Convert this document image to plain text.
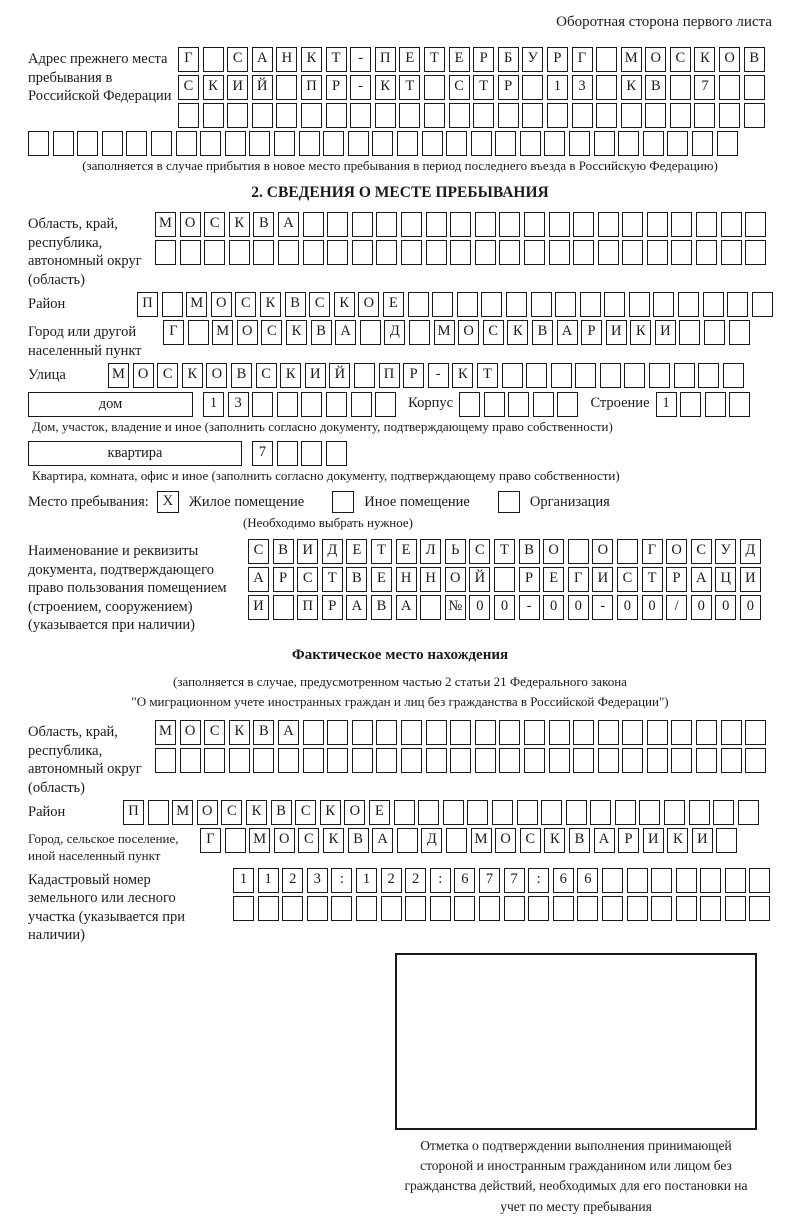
Оборотная сторона первого листа
Адрес прежнего места пребывания в Российской Федерации
Г	С	А Н	К	Т	-	П	Е	Т	Е	Р	Б	У	Р	Г	М О	С	К	О	В
С	К	И Й	П	Р	-	К	Т	С	Т	Р	1	3	К	В	7
(заполняется в случае прибытия в новое место пребывания в период последнего въезда в Российскую Федерацию)
2. СВЕДЕНИЯ О МЕСТЕ ПРЕБЫВАНИЯ
Область, край, республика, автономный округ (область)
М О	С	К	В	А
Район	П	М О	С	К	В	С	К	О	Е
Город или другой населенный пункт
Г	М О	С	К	В	А	Д	М О	С	К	В	А	Р	И	К	И
Улица	М О	С	К	О	В	С	К	И Й	П	Р	-	К	Т
дом	1	3	Корпус	Строение 1
Дом, участок, владение и иное (заполнить согласно документу, подтверждающему право собственности)
квартира	7
Квартира, комната, офис и иное (заполнить согласно документу, подтверждающему право собственности)
Место пребывания: X	Жилое помещение	Иное помещение	Организация
(Необходимо выбрать нужное)
Наименование и реквизиты документа, подтверждающего право пользования помещением (строением, сооружением) (указывается при наличии)
С	В	И Д	Е	Т	Е	Л	Ь	С	Т	В	О	О	Г	О	С	У	Д
А	Р	С	Т	В	Е	Н Н О Й	Р	Е	Г	И	С	Т	Р	А Ц И
И	П	Р	А	В	А	№ 0	0	-	0	0	-	0	0	/	0	0	0
Фактическое место нахождения
(заполняется в случае, предусмотренном частью 2 статьи 21 Федерального закона
"О миграционном учете иностранных граждан и лиц без гражданства в Российской Федерации")
Область, край, республика, автономный округ (область)
М О	С	К	В	А
Район	П	М О	С	К	В	С	К	О	Е
Город, сельское поселение, иной населенный пункт
Г	М О	С	К	В	А	Д	М О	С	К	В	А	Р	И	К	И
Кадастровый номер земельного или лесного участка (указывается при наличии)
1	1	2	3	:	1	2	2	:	6	7	7	:	6	6
Отметка о подтверждении выполнения принимающей стороной и иностранным гражданином или лицом без гражданства действий, необходимых для его постановки на учет по месту пребывания
